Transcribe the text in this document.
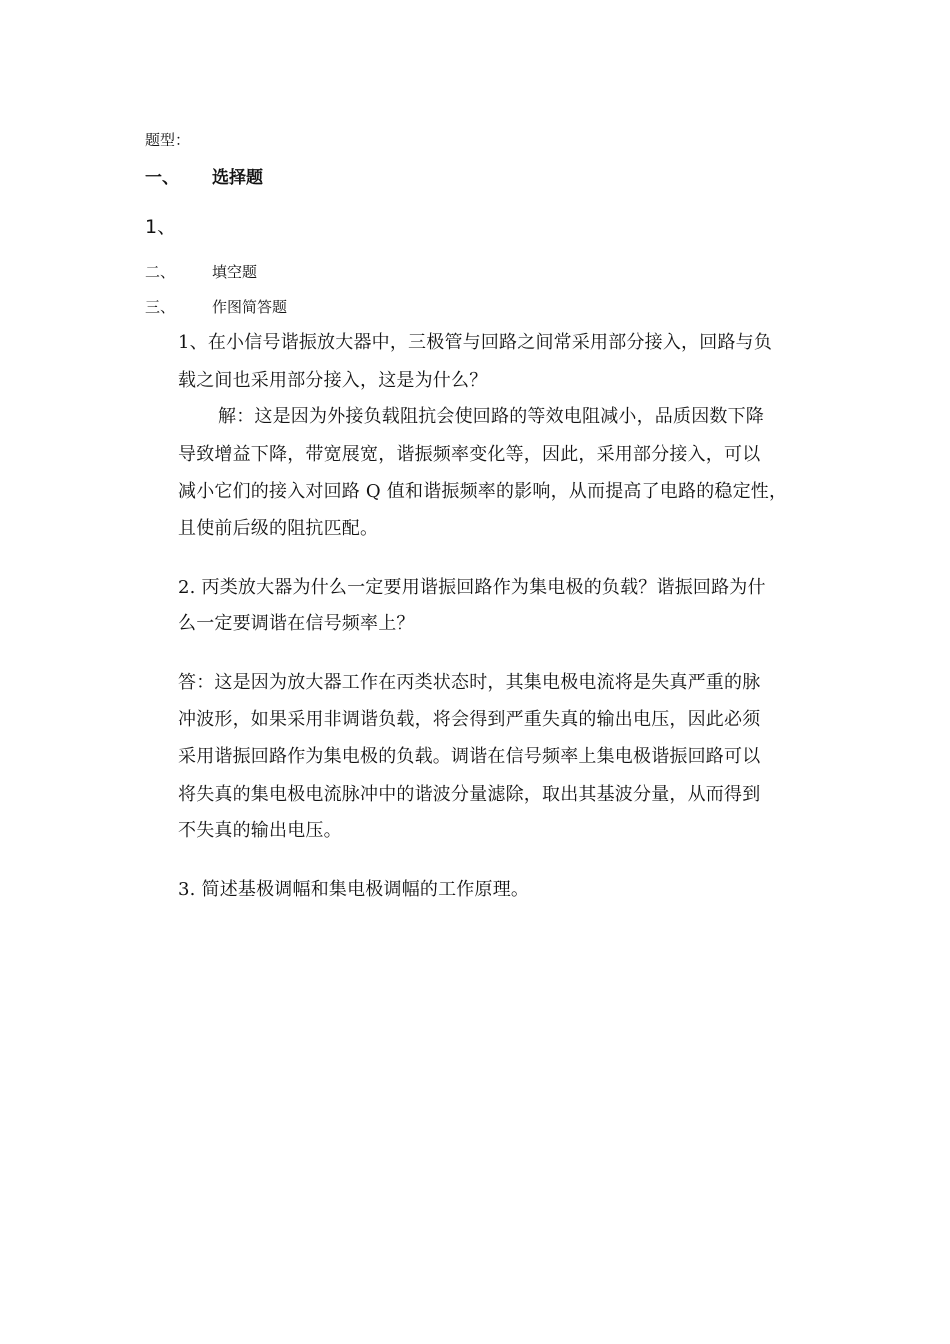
题型：

一、 选择题

1、

二、 填空题

三、 作图简答题

1、在小信号谐振放大器中，三极管与回路之间常采用部分接入，回路与负

载之间也采用部分接入，这是为什么？

解：这是因为外接负载阻抗会使回路的等效电阻减小，品质因数下降

导致增益下降，带宽展宽，谐振频率变化等，因此，采用部分接入，可以

减小它们的接入对回路 Q 值和谐振频率的影响，从而提高了电路的稳定性，

且使前后级的阻抗匹配。

2. 丙类放大器为什么一定要用谐振回路作为集电极的负载？谐振回路为什

么一定要调谐在信号频率上？

答：这是因为放大器工作在丙类状态时，其集电极电流将是失真严重的脉

冲波形，如果采用非调谐负载，将会得到严重失真的输出电压，因此必须

采用谐振回路作为集电极的负载。调谐在信号频率上集电极谐振回路可以

将失真的集电极电流脉冲中的谐波分量滤除，取出其基波分量，从而得到

不失真的输出电压。

3. 简述基极调幅和集电极调幅的工作原理。
